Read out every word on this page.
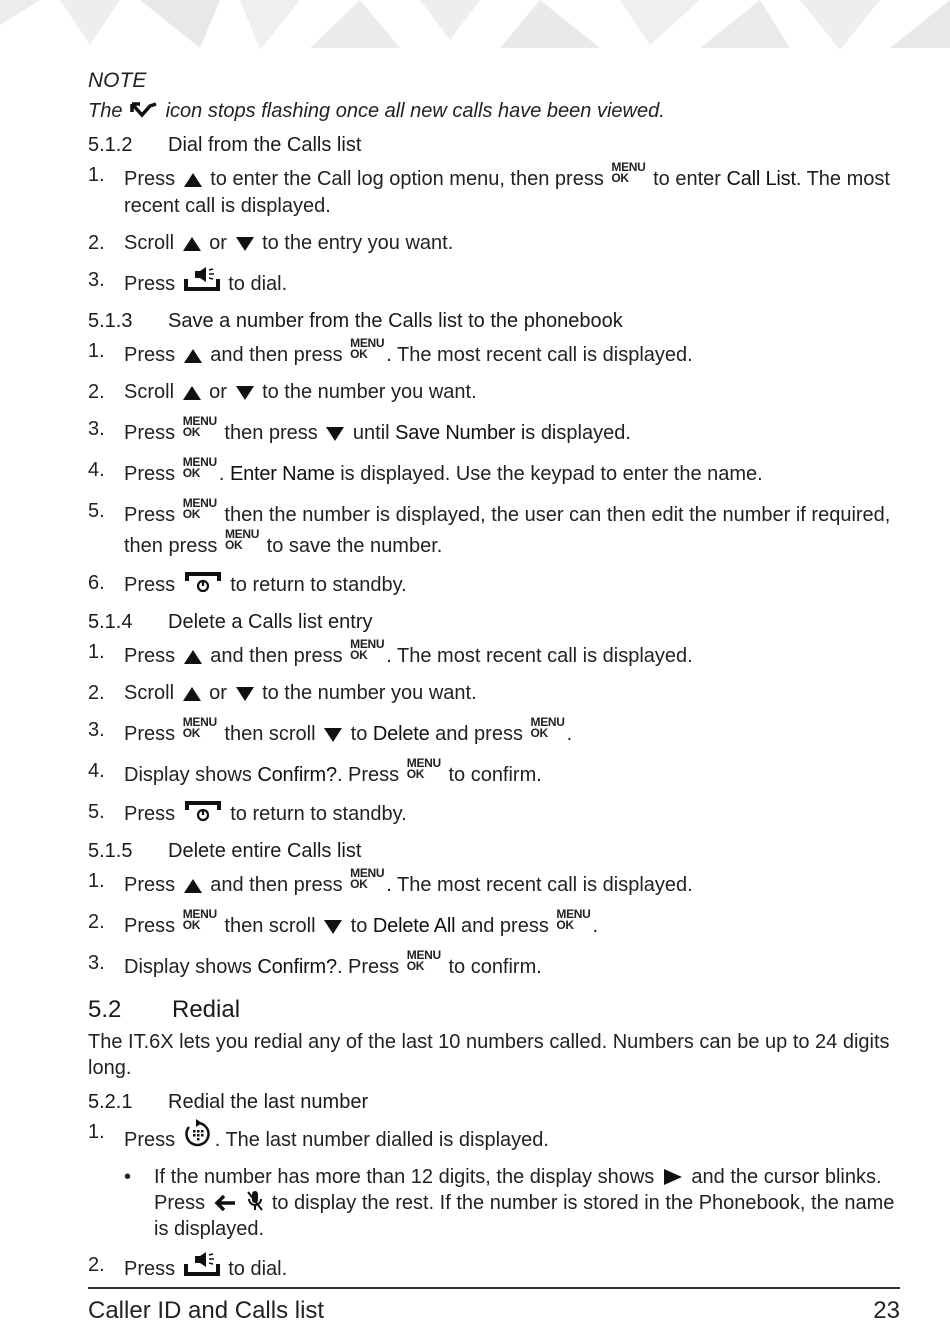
NOTE
The icon stops flashing once all new calls have been viewed.
5.1.2	Dial from the Calls list
1. Press to enter the Call log option menu, then press
MENU
OK	to enter Call List. The most recent call is displayed.
2. Scroll or to the entry you want.
3. Press	to dial.
5.1.3	Save a number from the Calls list to the phonebook
1. Press and then press
MENU
OK . The most recent call is displayed.
2. Scroll or to the number you want.
3. Press
MENU
OK	then press until Save Number is displayed.
4. Press
MENU
OK . Enter Name is displayed. Use the keypad to enter the name.
5. Press
MENU
OK	then the number is displayed, the user can then edit the number if required, then press
MENU
OK	to save the number.
6. Press	to return to standby.
5.1.4	Delete a Calls list entry
1. Press and then press
MENU
OK . The most recent call is displayed.
2. Scroll or to the number you want.
3. Press
MENU
OK	then scroll to Delete and press
MENU
OK .
4. Display shows Confirm?. Press
MENU
OK	to confirm.
5. Press	to return to standby.
5.1.5	Delete entire Calls list
1. Press and then press
MENU
OK . The most recent call is displayed.
2. Press
MENU
OK	then scroll to Delete All and press
MENU
OK .
3. Display shows Confirm?. Press
MENU
OK	to confirm.
5.2	Redial
The IT.6X lets you redial any of the last 10 numbers called. Numbers can be up to 24 digits long.
5.2.1	Redial the last number
1. Press . The last number dialled is displayed.
•	If the number has more than 12 digits, the display shows and the cursor blinks. Press	to display the rest. If the number is stored in the Phonebook, the name is displayed.
2. Press	to dial.
Caller ID and Calls list	23
